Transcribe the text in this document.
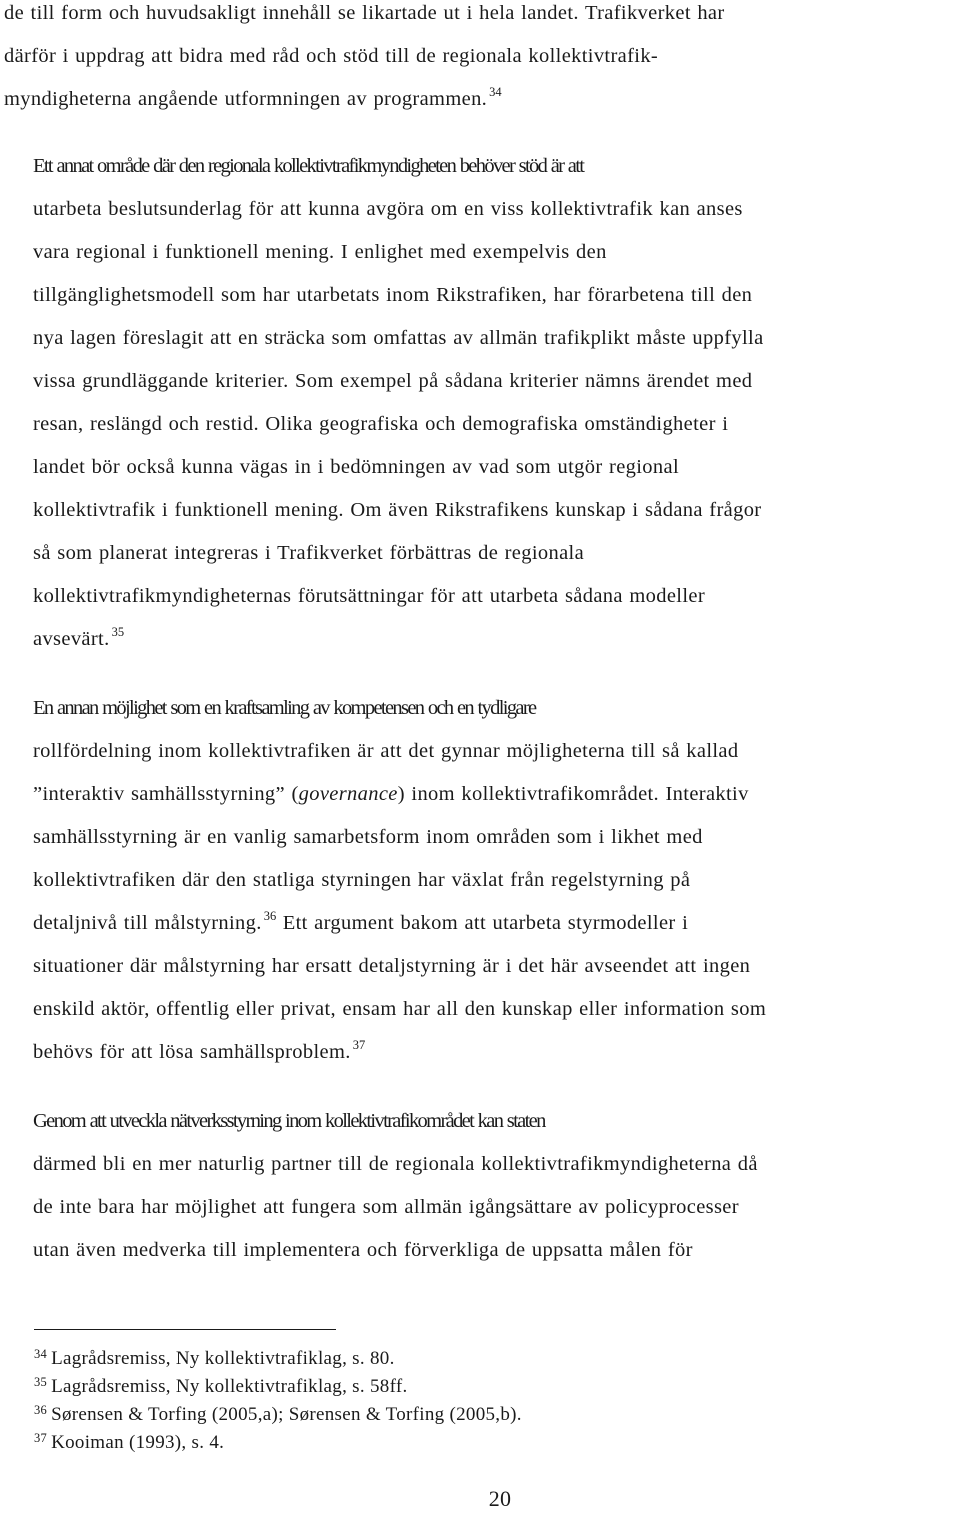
de till form och huvudsakligt innehåll se likartade ut i hela landet. Trafikverket har
därför i uppdrag att bidra med råd och stöd till de regionala kollektivtrafik-
myndigheterna angående utformningen av programmen. $^{34}$

Ett annat område där den regionala kollektivtrafikmyndigheten behöver stöd är att
utarbeta beslutsunderlag för att kunna avgöra om en viss kollektivtrafik kan anses
vara regional i funktionell mening. I enlighet med exempelvis den
tillgänglighetsmodell som har utarbetats inom Rikstrafiken, har förarbetena till den
nya lagen föreslagit att en sträcka som omfattas av allmän trafikplikt måste uppfylla
vissa grundläggande kriterier. Som exempel på sådana kriterier nämns ärendet med
resan, reslängd och restid. Olika geografiska och demografiska omständigheter i
landet bör också kunna vägas in i bedömningen av vad som utgör regional
kollektivtrafik i funktionell mening. Om även Rikstrafikens kunskap i sådana frågor
så som planerat integreras i Trafikverket förbättras de regionala
kollektivtrafikmyndigheternas förutsättningar för att utarbeta sådana modeller
avsevärt. $^{35}$

En annan möjlighet som en kraftsamling av kompetensen och en tydligare
rollfördelning inom kollektivtrafiken är att det gynnar möjligheterna till så kallad
”interaktiv samhällsstyrning” (governance) inom kollektivtrafikområdet. Interaktiv
samhällsstyrning är en vanlig samarbetsform inom områden som i likhet med
kollektivtrafiken där den statliga styrningen har växlat från regelstyrning på
detaljnivå till målstyrning. $^{36}$ Ett argument bakom att utarbeta styrmodeller i
situationer där målstyrning har ersatt detaljstyrning är i det här avseendet att ingen
enskild aktör, offentlig eller privat, ensam har all den kunskap eller information som
behövs för att lösa samhällsproblem. $^{37}$

Genom att utveckla nätverksstyrning inom kollektivtrafikområdet kan staten
därmed bli en mer naturlig partner till de regionala kollektivtrafikmyndigheterna då
de inte bara har möjlighet att fungera som allmän igångsättare av policyprocesser
utan även medverka till implementera och förverkliga de uppsatta målen för

$^{34}$ Lagrådsremiss, Ny kollektivtrafiklag, s. 80.
$^{35}$ Lagrådsremiss, Ny kollektivtrafiklag, s. 58ff.
$^{36}$ Sørensen & Torfing (2005,a); Sørensen & Torfing (2005,b).
$^{37}$ Kooiman (1993), s. 4.
20
